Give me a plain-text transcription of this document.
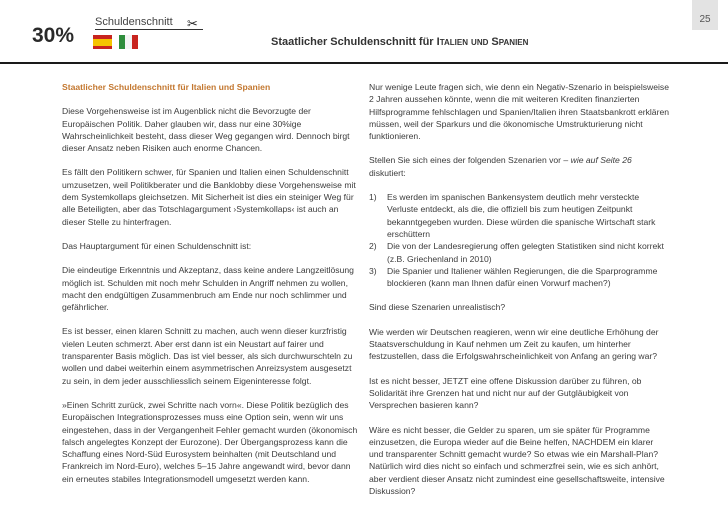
25
30%
Schuldenschnitt ✂
Staatlicher Schuldenschnitt für Italien und Spanien

Staatlicher Schuldenschnitt für Italien und Spanien

Diese Vorgehensweise ist im Augenblick nicht die Bevorzugte der Europäischen Politik. Daher glauben wir, dass nur eine 30%ige Wahrscheinlichkeit besteht, dass dieser Weg gegangen wird. Dennoch birgt dieser Ansatz neben Risiken auch enorme Chancen.

Es fällt den Politikern schwer, für Spanien und Italien einen Schuldenschnitt umzusetzen, weil Politikberater und die Banklobby diese Vorgehensweise mit dem Systemkollaps gleichsetzen. Mit Sicherheit ist dies ein steiniger Weg für alle Beteiligten, aber das Totschlagargument ›Systemkollaps‹ ist auch an dieser Stelle zu hinterfragen.

Das Hauptargument für einen Schuldenschnitt ist:

Die eindeutige Erkenntnis und Akzeptanz, dass keine andere Langzeitlösung möglich ist. Schulden mit noch mehr Schulden in Angriff nehmen zu wollen, macht den endgültigen Zusammenbruch am Ende nur noch schlimmer und gefährlicher.

Es ist besser, einen klaren Schnitt zu machen, auch wenn dieser kurzfristig vielen Leuten schmerzt. Aber erst dann ist ein Neustart auf fairer und transparenter Basis möglich. Das ist viel besser, als sich durchwurschteln zu wollen und dabei weiterhin einem asymmetrischen Anreizsystem ausgesetzt zu sein, in dem jeder ausschliesslich seinem Eigeninteresse folgt.

»Einen Schritt zurück, zwei Schritte nach vorn«. Diese Politik bezüglich des Europäischen Integrationsprozesses muss eine Option sein, wenn wir uns eingestehen, dass in der Vergangenheit Fehler gemacht wurden (ökonomisch falsch angelegtes Konzept der Eurozone). Der Übergangsprozess kann die Schaffung eines Nord-Süd Eurosystem beinhalten (mit Deutschland und Frankreich im Nord-Euro), welches 5–15 Jahre angewandt wird, bevor dann ein erneutes stabiles Integrationsmodell umgesetzt werden kann.

Nur wenige Leute fragen sich, wie denn ein Negativ-Szenario in beispielsweise 2 Jahren aussehen könnte, wenn die mit weiteren Krediten finanzierten Hilfsprogramme fehlschlagen und Spanien/Italien ihren Staatsbankrott erklären müssen, weil der Sparkurs und die ökonomische Umstrukturierung nicht funktionieren.

Stellen Sie sich eines der folgenden Szenarien vor – wie auf Seite 26 diskutiert:

1) Es werden im spanischen Bankensystem deutlich mehr versteckte Verluste entdeckt, als die, die offiziell bis zum heutigen Zeitpunkt bekanntgegeben wurden. Diese würden die spanische Wirtschaft stark erschüttern
2) Die von der Landesregierung offen gelegten Statistiken sind nicht korrekt (z.B. Griechenland in 2010)
3) Die Spanier und Italiener wählen Regierungen, die die Sparprogramme blockieren (kann man Ihnen dafür einen Vorwurf machen?)

Sind diese Szenarien unrealistisch?

Wie werden wir Deutschen reagieren, wenn wir eine deutliche Erhöhung der Staatsverschuldung in Kauf nehmen um Zeit zu kaufen, um hinterher festzustellen, dass die Erfolgswahrscheinlichkeit von Anfang an gering war?

Ist es nicht besser, JETZT eine offene Diskussion darüber zu führen, ob Solidarität ihre Grenzen hat und nicht nur auf der Gutgläubigkeit von Versprechen basieren kann?

Wäre es nicht besser, die Gelder zu sparen, um sie später für Programme einzusetzen, die Europa wieder auf die Beine helfen, NACHDEM ein klarer und transparenter Schnitt gemacht wurde? So etwas wie ein Marshall-Plan? Natürlich wird dies nicht so einfach und schmerzfrei sein, wie es sich anhört, aber verdient dieser Ansatz nicht zumindest eine gesellschaftsweite, intensive Diskussion?
